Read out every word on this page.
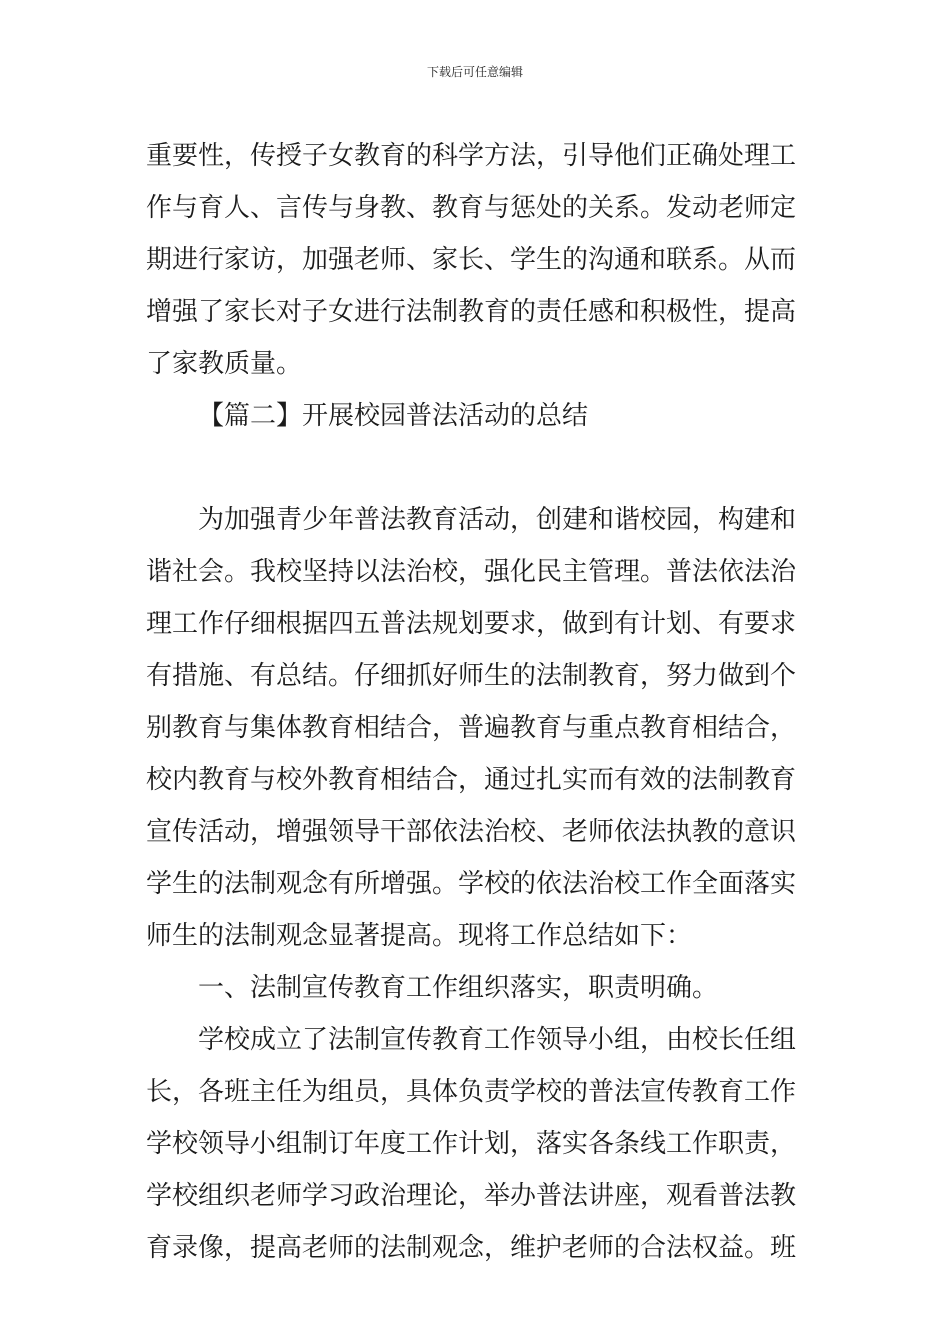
下载后可任意编辑
重要性，传授子女教育的科学方法，引导他们正确处理工
作与育人、言传与身教、教育与惩处的关系。发动老师定
期进行家访，加强老师、家长、学生的沟通和联系。从而
增强了家长对子女进行法制教育的责任感和积极性，提高
了家教质量。
【篇二】开展校园普法活动的总结
为加强青少年普法教育活动，创建和谐校园，构建和
谐社会。我校坚持以法治校，强化民主管理。普法依法治
理工作仔细根据四五普法规划要求，做到有计划、有要求
有措施、有总结。仔细抓好师生的法制教育，努力做到个
别教育与集体教育相结合，普遍教育与重点教育相结合，
校内教育与校外教育相结合，通过扎实而有效的法制教育
宣传活动，增强领导干部依法治校、老师依法执教的意识
学生的法制观念有所增强。学校的依法治校工作全面落实
师生的法制观念显著提高。现将工作总结如下：
一、法制宣传教育工作组织落实，职责明确。
学校成立了法制宣传教育工作领导小组，由校长任组
长，各班主任为组员，具体负责学校的普法宣传教育工作
学校领导小组制订年度工作计划，落实各条线工作职责，
学校组织老师学习政治理论，举办普法讲座，观看普法教
育录像，提高老师的法制观念，维护老师的合法权益。班
